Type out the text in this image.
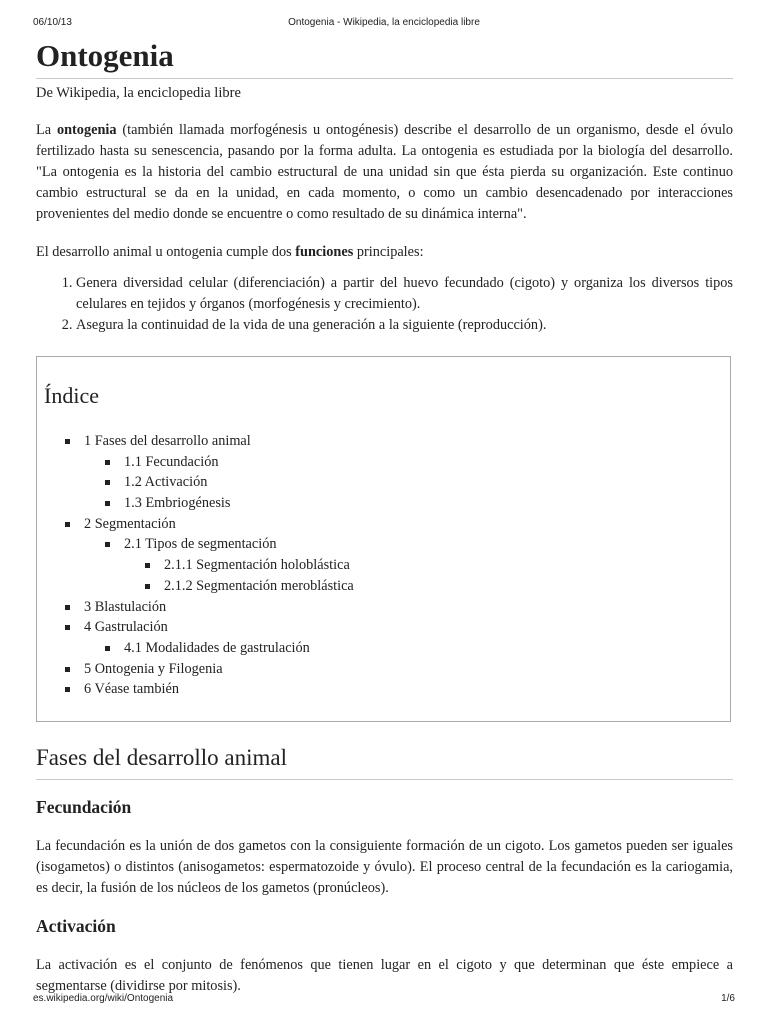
06/10/13	Ontogenia - Wikipedia, la enciclopedia libre
Ontogenia
De Wikipedia, la enciclopedia libre

La ontogenia (también llamada morfogénesis u ontogénesis) describe el desarrollo de un organismo, desde el óvulo fertilizado hasta su senescencia, pasando por la forma adulta. La ontogenia es estudiada por la biología del desarrollo. "La ontogenia es la historia del cambio estructural de una unidad sin que ésta pierda su organización. Este continuo cambio estructural se da en la unidad, en cada momento, o como un cambio desencadenado por interacciones provenientes del medio donde se encuentre o como resultado de su dinámica interna".

El desarrollo animal u ontogenia cumple dos funciones principales:

1. Genera diversidad celular (diferenciación) a partir del huevo fecundado (cigoto) y organiza los diversos tipos celulares en tejidos y órganos (morfogénesis y crecimiento).
2. Asegura la continuidad de la vida de una generación a la siguiente (reproducción).
Índice
1 Fases del desarrollo animal
1.1 Fecundación
1.2 Activación
1.3 Embriogénesis
2 Segmentación
2.1 Tipos de segmentación
2.1.1 Segmentación holoblástica
2.1.2 Segmentación meroblástica
3 Blastulación
4 Gastrulación
4.1 Modalidades de gastrulación
5 Ontogenia y Filogenia
6 Véase también
Fases del desarrollo animal
Fecundación

La fecundación es la unión de dos gametos con la consiguiente formación de un cigoto. Los gametos pueden ser iguales (isogametos) o distintos (anisogametos: espermatozoide y óvulo). El proceso central de la fecundación es la cariogamia, es decir, la fusión de los núcleos de los gametos (pronúcleos).

Activación

La activación es el conjunto de fenómenos que tienen lugar en el cigoto y que determinan que éste empiece a segmentarse (dividirse por mitosis).

es.wikipedia.org/wiki/Ontogenia	1/6
